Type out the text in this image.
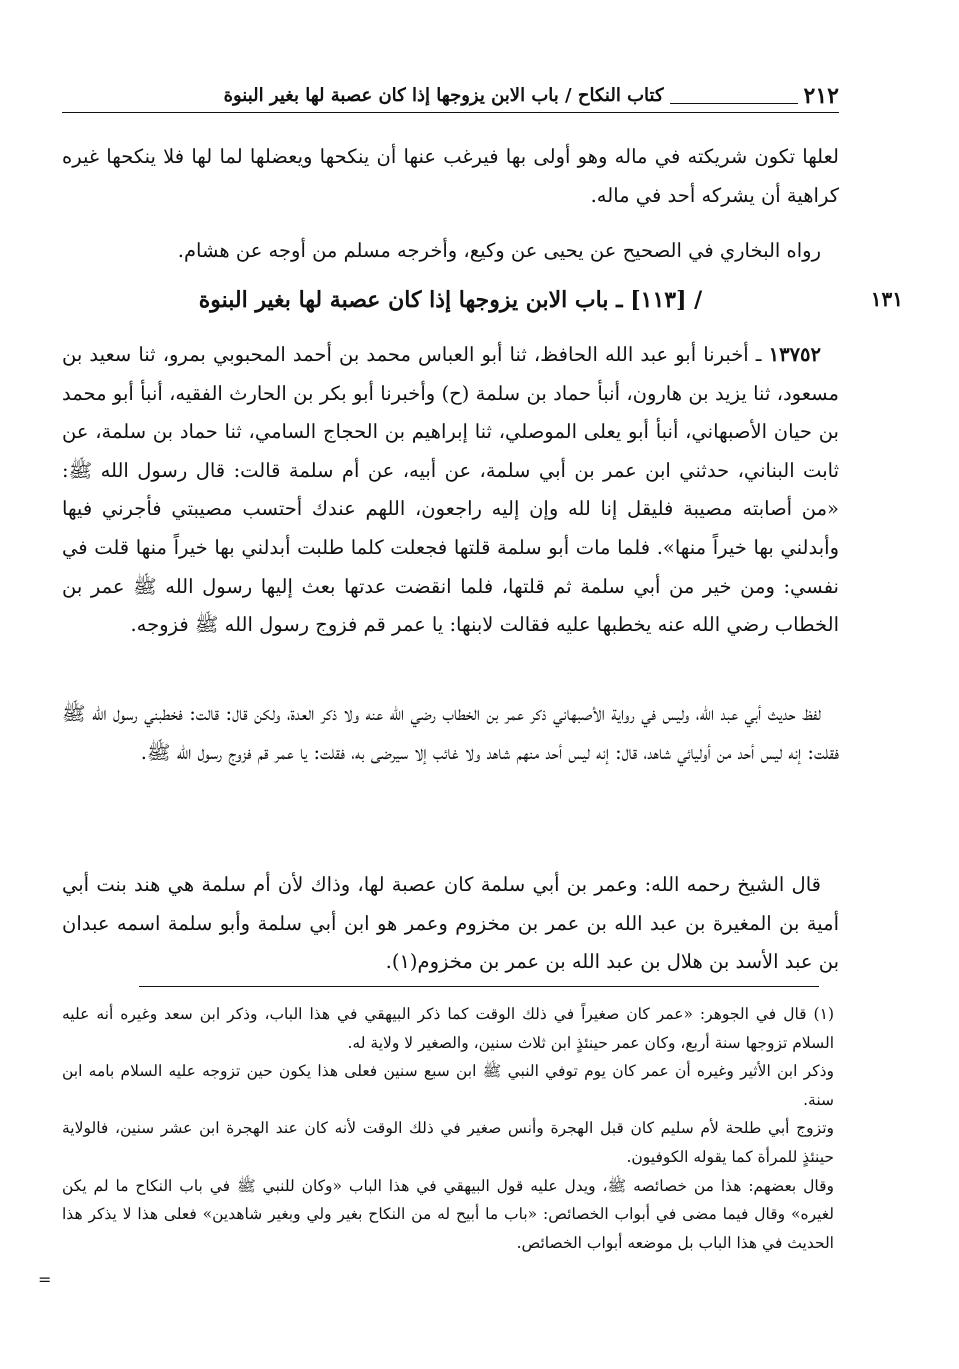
٢١٢
كتاب النكاح / باب الابن يزوجها إذا كان عصبة لها بغير البنوة
لعلها تكون شريكته في ماله وهو أولى بها فيرغب عنها أن ينكحها ويعضلها لما لها فلا ينكحها غيره كراهية أن يشركه أحد في ماله.
رواه البخاري في الصحيح عن يحيى عن وكيع، وأخرجه مسلم من أوجه عن هشام.
/ [١١٣] ـ باب الابن يزوجها إذا كان عصبة لها بغير البنوة	١٣١
١٣٧٥٢ ـ أخبرنا أبو عبد الله الحافظ، ثنا أبو العباس محمد بن أحمد المحبوبي بمرو، ثنا سعيد بن مسعود، ثنا يزيد بن هارون، أنبأ حماد بن سلمة (ح) وأخبرنا أبو بكر بن الحارث الفقيه، أنبأ أبو محمد بن حيان الأصبهاني، أنبأ أبو يعلى الموصلي، ثنا إبراهيم بن الحجاج السامي، ثنا حماد بن سلمة، عن ثابت البناني، حدثني ابن عمر بن أبي سلمة، عن أبيه، عن أم سلمة قالت: قال رسول الله ﷺ: «من أصابته مصيبة فليقل إنا لله وإن إليه راجعون، اللهم عندك أحتسب مصيبتي فأجرني فيها وأبدلني بها خيراً منها». فلما مات أبو سلمة قلتها فجعلت كلما طلبت أبدلني بها خيراً منها قلت في نفسي: ومن خير من أبي سلمة ثم قلتها، فلما انقضت عدتها بعث إليها رسول الله ﷺ عمر بن الخطاب رضي الله عنه يخطبها عليه فقالت لابنها: يا عمر قم فزوج رسول الله ﷺ فزوجه.
لفظ حديث أبي عبد الله، وليس في رواية الأصبهاني ذكر عمر بن الخطاب رضي الله عنه ولا ذكر العدة، ولكن قال: قالت: فخطبني رسول الله ﷺ فقلت: إنه ليس أحد من أوليائي شاهد، قال: إنه ليس أحد منهم شاهد ولا غائب إلا سيرضى به، فقلت: يا عمر قم فزوج رسول الله ﷺ.
قال الشيخ رحمه الله: وعمر بن أبي سلمة كان عصبة لها، وذاك لأن أم سلمة هي هند بنت أبي أمية بن المغيرة بن عبد الله بن عمر بن مخزوم وعمر هو ابن أبي سلمة وأبو سلمة اسمه عبدان بن عبد الأسد بن هلال بن عبد الله بن عمر بن مخزوم(١).
(١) قال في الجوهر: «عمر كان صغيراً في ذلك الوقت كما ذكر البيهقي في هذا الباب، وذكر ابن سعد وغيره أنه عليه السلام تزوجها سنة أربع، وكان عمر حينئذٍ ابن ثلاث سنين، والصغير لا ولاية له.
وذكر ابن الأثير وغيره أن عمر كان يوم توفي النبي ﷺ ابن سبع سنين فعلى هذا يكون حين تزوجه عليه السلام بامه ابن سنة.
وتزوج أبي طلحة لأم سليم كان قبل الهجرة وأنس صغير في ذلك الوقت لأنه كان عند الهجرة ابن عشر سنين، فالولاية حينئذٍ للمرأة كما يقوله الكوفيون.
وقال بعضهم: هذا من خصائصه ﷺ، ويدل عليه قول البيهقي في هذا الباب «وكان للنبي ﷺ في باب النكاح ما لم يكن لغيره» وقال فيما مضى في أبواب الخصائص: «باب ما أبيح له من النكاح بغير ولي وبغير شاهدين» فعلى هذا لا يذكر هذا الحديث في هذا الباب بل موضعه أبواب الخصائص.
=
